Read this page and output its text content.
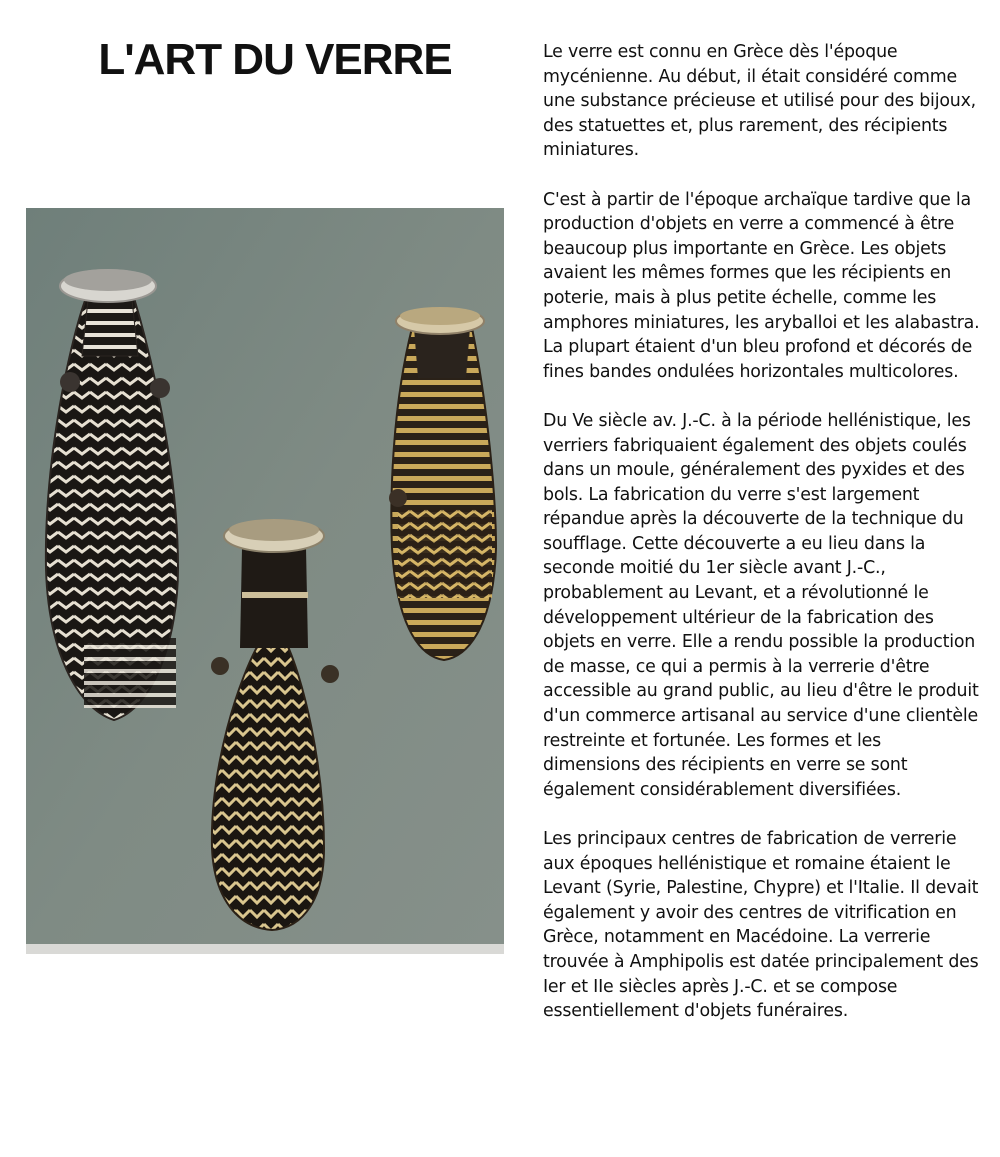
L'ART DU VERRE	Le verre est connu en Grèce dès l'époque mycénienne. Au début, il était considéré comme une substance précieuse et utilisé pour des bijoux, des statuettes et, plus rarement, des récipients miniatures.

C'est à partir de l'époque archaïque tardive que la production d'objets en verre a commencé à être beaucoup plus importante en Grèce. Les objets avaient les mêmes formes que les récipients en poterie, mais à plus petite échelle, comme les amphores miniatures, les aryballoi et les alabastra. La plupart étaient d'un bleu profond et décorés de fines bandes ondulées horizontales multicolores.

Du Ve siècle av. J.-C. à la période hellénistique, les verriers fabriquaient également des objets coulés dans un moule, généralement des pyxides et des bols. La fabrication du verre s'est largement répandue après la découverte de la technique du soufflage. Cette découverte a eu lieu dans la seconde moitié du 1er siècle avant J.-C., probablement au Levant, et a révolutionné le développement ultérieur de la fabrication des objets en verre. Elle a rendu possible la production de masse, ce qui a permis à la verrerie d'être accessible au grand public, au lieu d'être le produit d'un commerce artisanal au service d'une clientèle restreinte et fortunée. Les formes et les dimensions des récipients en verre se sont également considérablement diversifiées.

Les principaux centres de fabrication de verrerie aux époques hellénistique et romaine étaient le Levant (Syrie, Palestine, Chypre) et l'Italie. Il devait également y avoir des centres de vitrification en Grèce, notamment en Macédoine. La verrerie trouvée à Amphipolis est datée principalement des Ier et IIe siècles après J.-C. et se compose essentiellement d'objets funéraires.
